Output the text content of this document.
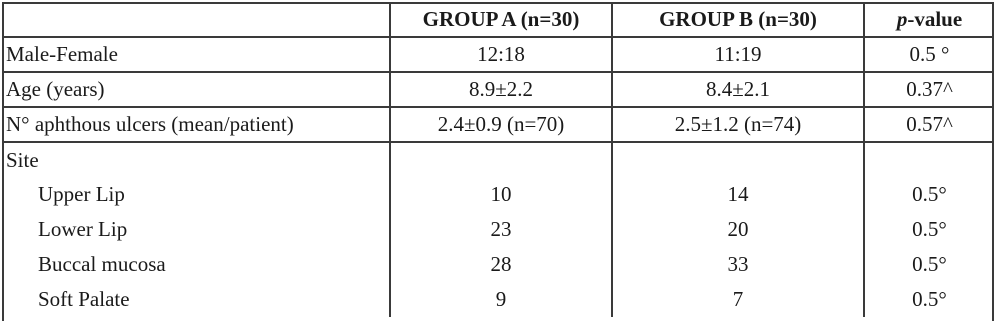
	GROUP A (n=30)	GROUP B (n=30)	p-value
Male-Female	12:18	11:19	0.5 °
Age (years)	8.9±2.2	8.4±2.1	0.37^
N° aphthous ulcers (mean/patient)	2.4±0.9 (n=70)	2.5±1.2 (n=74)	0.57^
Site			
Upper Lip	10	14	0.5°
Lower Lip	23	20	0.5°
Buccal mucosa	28	33	0.5°
Soft Palate	9	7	0.5°
